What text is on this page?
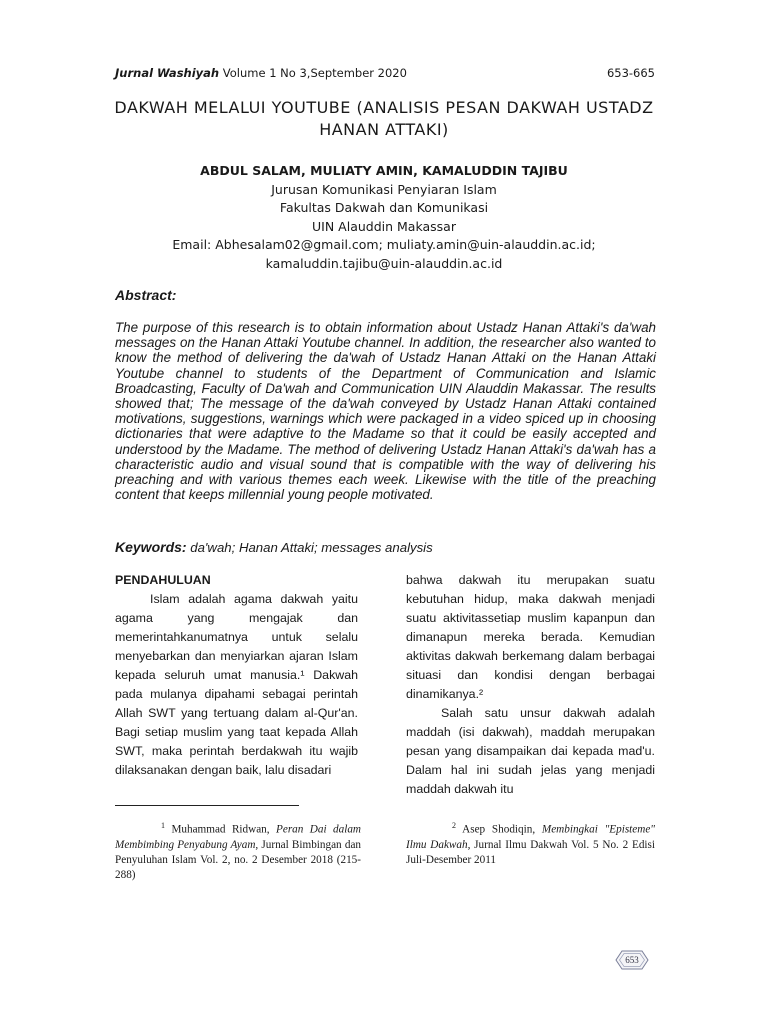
Jurnal Washiyah Volume 1 No 3,September 2020	653-665
DAKWAH MELALUI YOUTUBE (ANALISIS PESAN DAKWAH USTADZ
HANAN ATTAKI)
ABDUL SALAM, MULIATY AMIN, KAMALUDDIN TAJIBU
Jurusan Komunikasi Penyiaran Islam
Fakultas Dakwah dan Komunikasi
UIN Alauddin Makassar
Email: Abhesalam02@gmail.com; muliaty.amin@uin-alauddin.ac.id;
kamaluddin.tajibu@uin-alauddin.ac.id
Abstract:

The purpose of this research is to obtain information about Ustadz Hanan Attaki's da'wah messages on the Hanan Attaki Youtube channel. In addition, the researcher also wanted to know the method of delivering the da'wah of Ustadz Hanan Attaki on the Hanan Attaki Youtube channel to students of the Department of Communication and Islamic Broadcasting, Faculty of Da'wah and Communication UIN Alauddin Makassar. The results showed that; The message of the da'wah conveyed by Ustadz Hanan Attaki contained motivations, suggestions, warnings which were packaged in a video spiced up in choosing dictionaries that were adaptive to the Madame so that it could be easily accepted and understood by the Madame. The method of delivering Ustadz Hanan Attaki's da'wah has a characteristic audio and visual sound that is compatible with the way of delivering his preaching and with various themes each week. Likewise with the title of the preaching content that keeps millennial young people motivated.

Keywords: da'wah; Hanan Attaki; messages analysis

PENDAHULUAN

Islam adalah agama dakwah yaitu agama yang mengajak dan memerintahkanumatnya untuk selalu menyebarkan dan menyiarkan ajaran Islam kepada seluruh umat manusia.¹ Dakwah pada mulanya dipahami sebagai perintah Allah SWT yang tertuang dalam al-Qur'an. Bagi setiap muslim yang taat kepada Allah SWT, maka perintah berdakwah itu wajib dilaksanakan dengan baik, lalu disadari

bahwa dakwah itu merupakan suatu kebutuhan hidup, maka dakwah menjadi suatu aktivitassetiap muslim kapanpun dan dimanapun mereka berada. Kemudian aktivitas dakwah berkemang dalam berbagai situasi dan kondisi dengan berbagai dinamikanya.²

Salah satu unsur dakwah adalah maddah (isi dakwah), maddah merupakan pesan yang disampaikan dai kepada mad'u. Dalam hal ini sudah jelas yang menjadi maddah dakwah itu

$^1$ Muhammad Ridwan, Peran Dai dalam Membimbing Penyabung Ayam, Jurnal Bimbingan dan Penyuluhan Islam Vol. 2, no. 2 Desember 2018 (215-288)
$^2$ Asep Shodiqin, Membingkai "Episteme" Ilmu Dakwah, Jurnal Ilmu Dakwah Vol. 5 No. 2 Edisi Juli-Desember 2011
653
